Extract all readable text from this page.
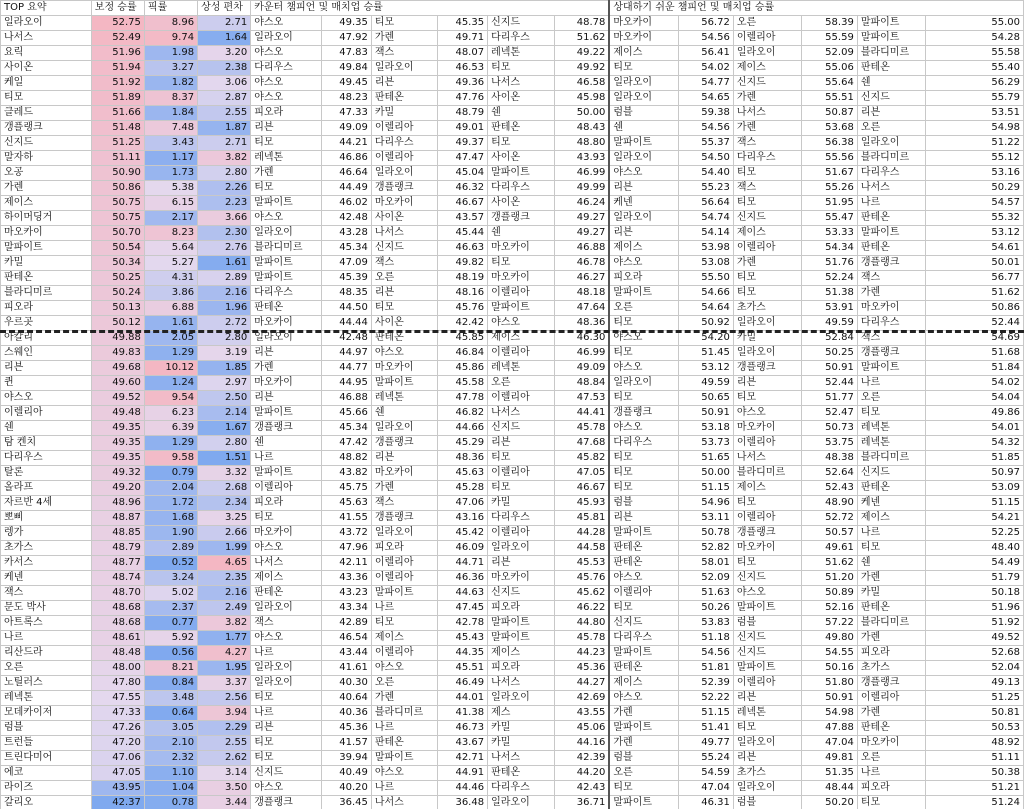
TOP 요약	보정 승률	픽률	상성 편차	카운터 챔피언 및 매치업 승률						상대하기 쉬운 챔피언 및 매치업 승률					
일라오이	52.75	8.96	2.71	야스오	49.35	티모	45.35	신지드	48.78	마오카이	56.72	오른	58.39	말파이트	55.00
나서스	52.49	9.74	1.64	일라오이	47.92	가렌	49.71	다리우스	51.62	마오카이	54.56	이렐리아	55.59	말파이트	54.28
요릭	51.96	1.98	3.20	야스오	47.83	잭스	48.07	레넥톤	49.22	제이스	56.41	일라오이	52.09	블라디미르	55.58
사이온	51.94	3.27	2.38	다리우스	49.84	일라오이	46.53	티모	49.92	티모	54.02	제이스	55.06	판테온	55.40
케일	51.92	1.82	3.06	야스오	49.45	리븐	49.36	나서스	46.58	일라오이	54.77	신지드	55.64	쉔	56.29
티모	51.89	8.37	2.87	야스오	48.23	판테온	47.76	사이온	45.98	일라오이	54.65	가렌	55.51	신지드	55.79
클레드	51.66	1.84	2.55	피오라	47.33	카밀	48.79	쉔	50.00	럼블	59.38	나서스	50.87	리븐	53.51
갱플랭크	51.48	7.48	1.87	리븐	49.09	이렐리아	49.01	판테온	48.43	쉔	54.56	가렌	53.68	오른	54.98
신지드	51.25	3.43	2.71	티모	44.21	다리우스	49.37	티모	48.80	말파이트	55.37	잭스	56.38	일라오이	51.22
말자하	51.11	1.17	3.82	레넥톤	46.86	이렐리아	47.47	사이온	43.93	일라오이	54.50	다리우스	55.56	블라디미르	55.12
오공	50.90	1.73	2.80	가렌	46.64	일라오이	45.04	말파이트	46.99	야스오	54.40	티모	51.67	다리우스	53.16
가렌	50.86	5.38	2.26	티모	44.49	갱플랭크	46.32	다리우스	49.99	리븐	55.23	잭스	55.26	나서스	50.29
제이스	50.75	6.15	2.23	말파이트	46.02	마오카이	46.67	사이온	46.24	케넨	56.64	티모	51.95	나르	54.57
하이머딩거	50.75	2.17	3.66	야스오	42.48	사이온	43.57	갱플랭크	49.27	일라오이	54.74	신지드	55.47	판테온	55.32
마오카이	50.70	8.23	2.30	일라오이	43.28	나서스	45.44	쉔	49.27	리븐	54.14	제이스	53.33	말파이트	53.12
말파이트	50.54	5.64	2.76	블라디미르	45.34	신지드	46.63	마오카이	46.88	제이스	53.98	이렐리아	54.34	판테온	54.61
카밀	50.34	5.27	1.61	말파이트	47.09	잭스	49.82	티모	46.78	야스오	53.08	가렌	51.76	갱플랭크	50.01
판테온	50.25	4.31	2.89	말파이트	45.39	오른	48.19	마오카이	46.27	피오라	55.50	티모	52.24	잭스	56.77
블라디미르	50.24	3.86	2.16	다리우스	48.35	리븐	48.16	이렐리아	48.18	말파이트	54.66	티모	51.38	가렌	51.62
피오라	50.13	6.88	1.96	판테온	44.50	티모	45.76	말파이트	47.64	오른	54.64	초가스	53.91	마오카이	50.86
우르곳	50.12	1.61	2.72	마오카이	44.44	사이온	42.42	야스오	48.36	티모	50.92	일라오이	49.59	다리우스	52.44
아칼리	49.88	2.05	2.80	일라오이	42.48	판테온	45.85	제이스	46.30	야스오	54.20	카밀	52.84	잭스	54.69
스웨인	49.83	1.29	3.19	리븐	44.97	야스오	46.84	이렐리아	46.99	티모	51.45	일라오이	50.25	갱플랭크	51.68
리븐	49.68	10.12	1.85	가렌	44.77	마오카이	45.86	레넥톤	49.09	야스오	53.12	갱플랭크	50.91	말파이트	51.84
퀸	49.60	1.24	2.97	마오카이	44.95	말파이트	45.58	오른	48.84	일라오이	49.59	리븐	52.44	나르	54.02
야스오	49.52	9.54	2.50	리븐	46.88	레넥톤	47.78	이렐리아	47.53	티모	50.65	티모	51.77	오른	54.04
이렐리아	49.48	6.23	2.14	말파이트	45.66	쉔	46.82	나서스	44.41	갱플랭크	50.91	야스오	52.47	티모	49.86
쉔	49.35	6.39	1.67	갱플랭크	45.34	일라오이	44.66	신지드	45.78	야스오	53.18	마오카이	50.73	레넥톤	54.01
탐 켄치	49.35	1.29	2.80	쉔	47.42	갱플랭크	45.29	리븐	47.68	다리우스	53.73	이렐리아	53.75	레넥톤	54.32
다리우스	49.35	9.58	1.51	나르	48.82	리븐	48.36	티모	45.82	티모	51.65	나서스	48.38	블라디미르	51.85
탈론	49.32	0.79	3.32	말파이트	43.82	마오카이	45.63	이렐리아	47.05	티모	50.00	블라디미르	52.64	신지드	50.97
올라프	49.20	2.04	2.68	이렐리아	45.75	가렌	45.28	티모	46.67	티모	51.15	제이스	52.43	판테온	53.09
자르반 4세	48.96	1.72	2.34	피오라	45.63	잭스	47.06	카밀	45.93	럼블	54.96	티모	48.90	케넨	51.15
뽀삐	48.87	1.68	3.25	티모	41.55	갱플랭크	43.16	다리우스	45.81	리븐	53.11	이렐리아	52.72	제이스	54.21
렝가	48.85	1.90	2.66	마오카이	43.72	일라오이	45.42	이렐리아	44.28	말파이트	50.78	갱플랭크	50.57	나르	52.25
초가스	48.79	2.89	1.99	야스오	47.96	피오라	46.09	일라오이	44.58	판테온	52.82	마오카이	49.61	티모	48.40
카서스	48.77	0.52	4.65	나서스	42.11	이렐리아	44.71	리븐	45.53	판테온	58.01	티모	51.62	쉔	54.49
케넨	48.74	3.24	2.35	제이스	43.36	이렐리아	46.36	마오카이	45.76	야스오	52.09	신지드	51.20	가렌	51.79
잭스	48.70	5.02	2.16	판테온	43.23	말파이트	44.63	신지드	45.62	이렐리아	51.63	야스오	50.89	카밀	50.18
문도 박사	48.68	2.37	2.49	일라오이	43.34	나르	47.45	피오라	46.22	티모	50.26	말파이트	52.16	판테온	51.96
아트록스	48.68	0.77	3.82	잭스	42.89	티모	42.78	말파이트	44.80	신지드	53.83	럼블	57.22	블라디미르	51.92
나르	48.61	5.92	1.77	야스오	46.54	제이스	45.43	말파이트	45.78	다리우스	51.18	신지드	49.80	가렌	49.52
리산드라	48.48	0.56	4.27	나르	43.44	이렐리아	44.35	제이스	44.23	말파이트	54.56	신지드	54.55	피오라	52.68
오른	48.00	8.21	1.95	일라오이	41.61	야스오	45.51	피오라	45.36	판테온	51.81	말파이트	50.16	초가스	52.04
노틸러스	47.80	0.84	3.37	일라오이	40.30	오른	46.49	나서스	44.27	제이스	52.39	이렐리아	51.80	갱플랭크	49.13
레넥톤	47.55	3.48	2.56	티모	40.64	가렌	44.01	일라오이	42.69	야스오	52.22	리븐	50.91	이렐리아	51.25
모데카이저	47.33	0.64	3.94	나르	40.36	블라디미르	41.38	제스	43.55	가렌	51.15	레넥톤	54.98	가렌	50.81
럼블	47.26	3.05	2.29	리븐	45.36	나르	46.73	카밀	45.06	말파이트	51.41	티모	47.88	판테온	50.53
트런들	47.20	2.10	2.55	티모	41.57	판테온	43.67	카밀	44.16	가렌	49.77	일라오이	47.04	마오카이	48.92
트린다미어	47.06	2.32	2.62	티모	39.94	말파이트	42.71	나서스	42.39	럼블	55.24	리븐	49.81	오른	51.11
에코	47.05	1.10	3.14	신지드	40.49	야스오	44.91	판테온	44.20	오른	54.59	초가스	51.35	나르	50.38
라이즈	43.95	1.04	3.50	야스오	40.20	나르	44.46	다리우스	42.43	티모	47.04	일라오이	48.44	피오라	51.21
갈리오	42.37	0.78	3.44	갱플랭크	36.45	나서스	36.48	일라오이	36.71	말파이트	46.31	럼블	50.20	티모	51.24
